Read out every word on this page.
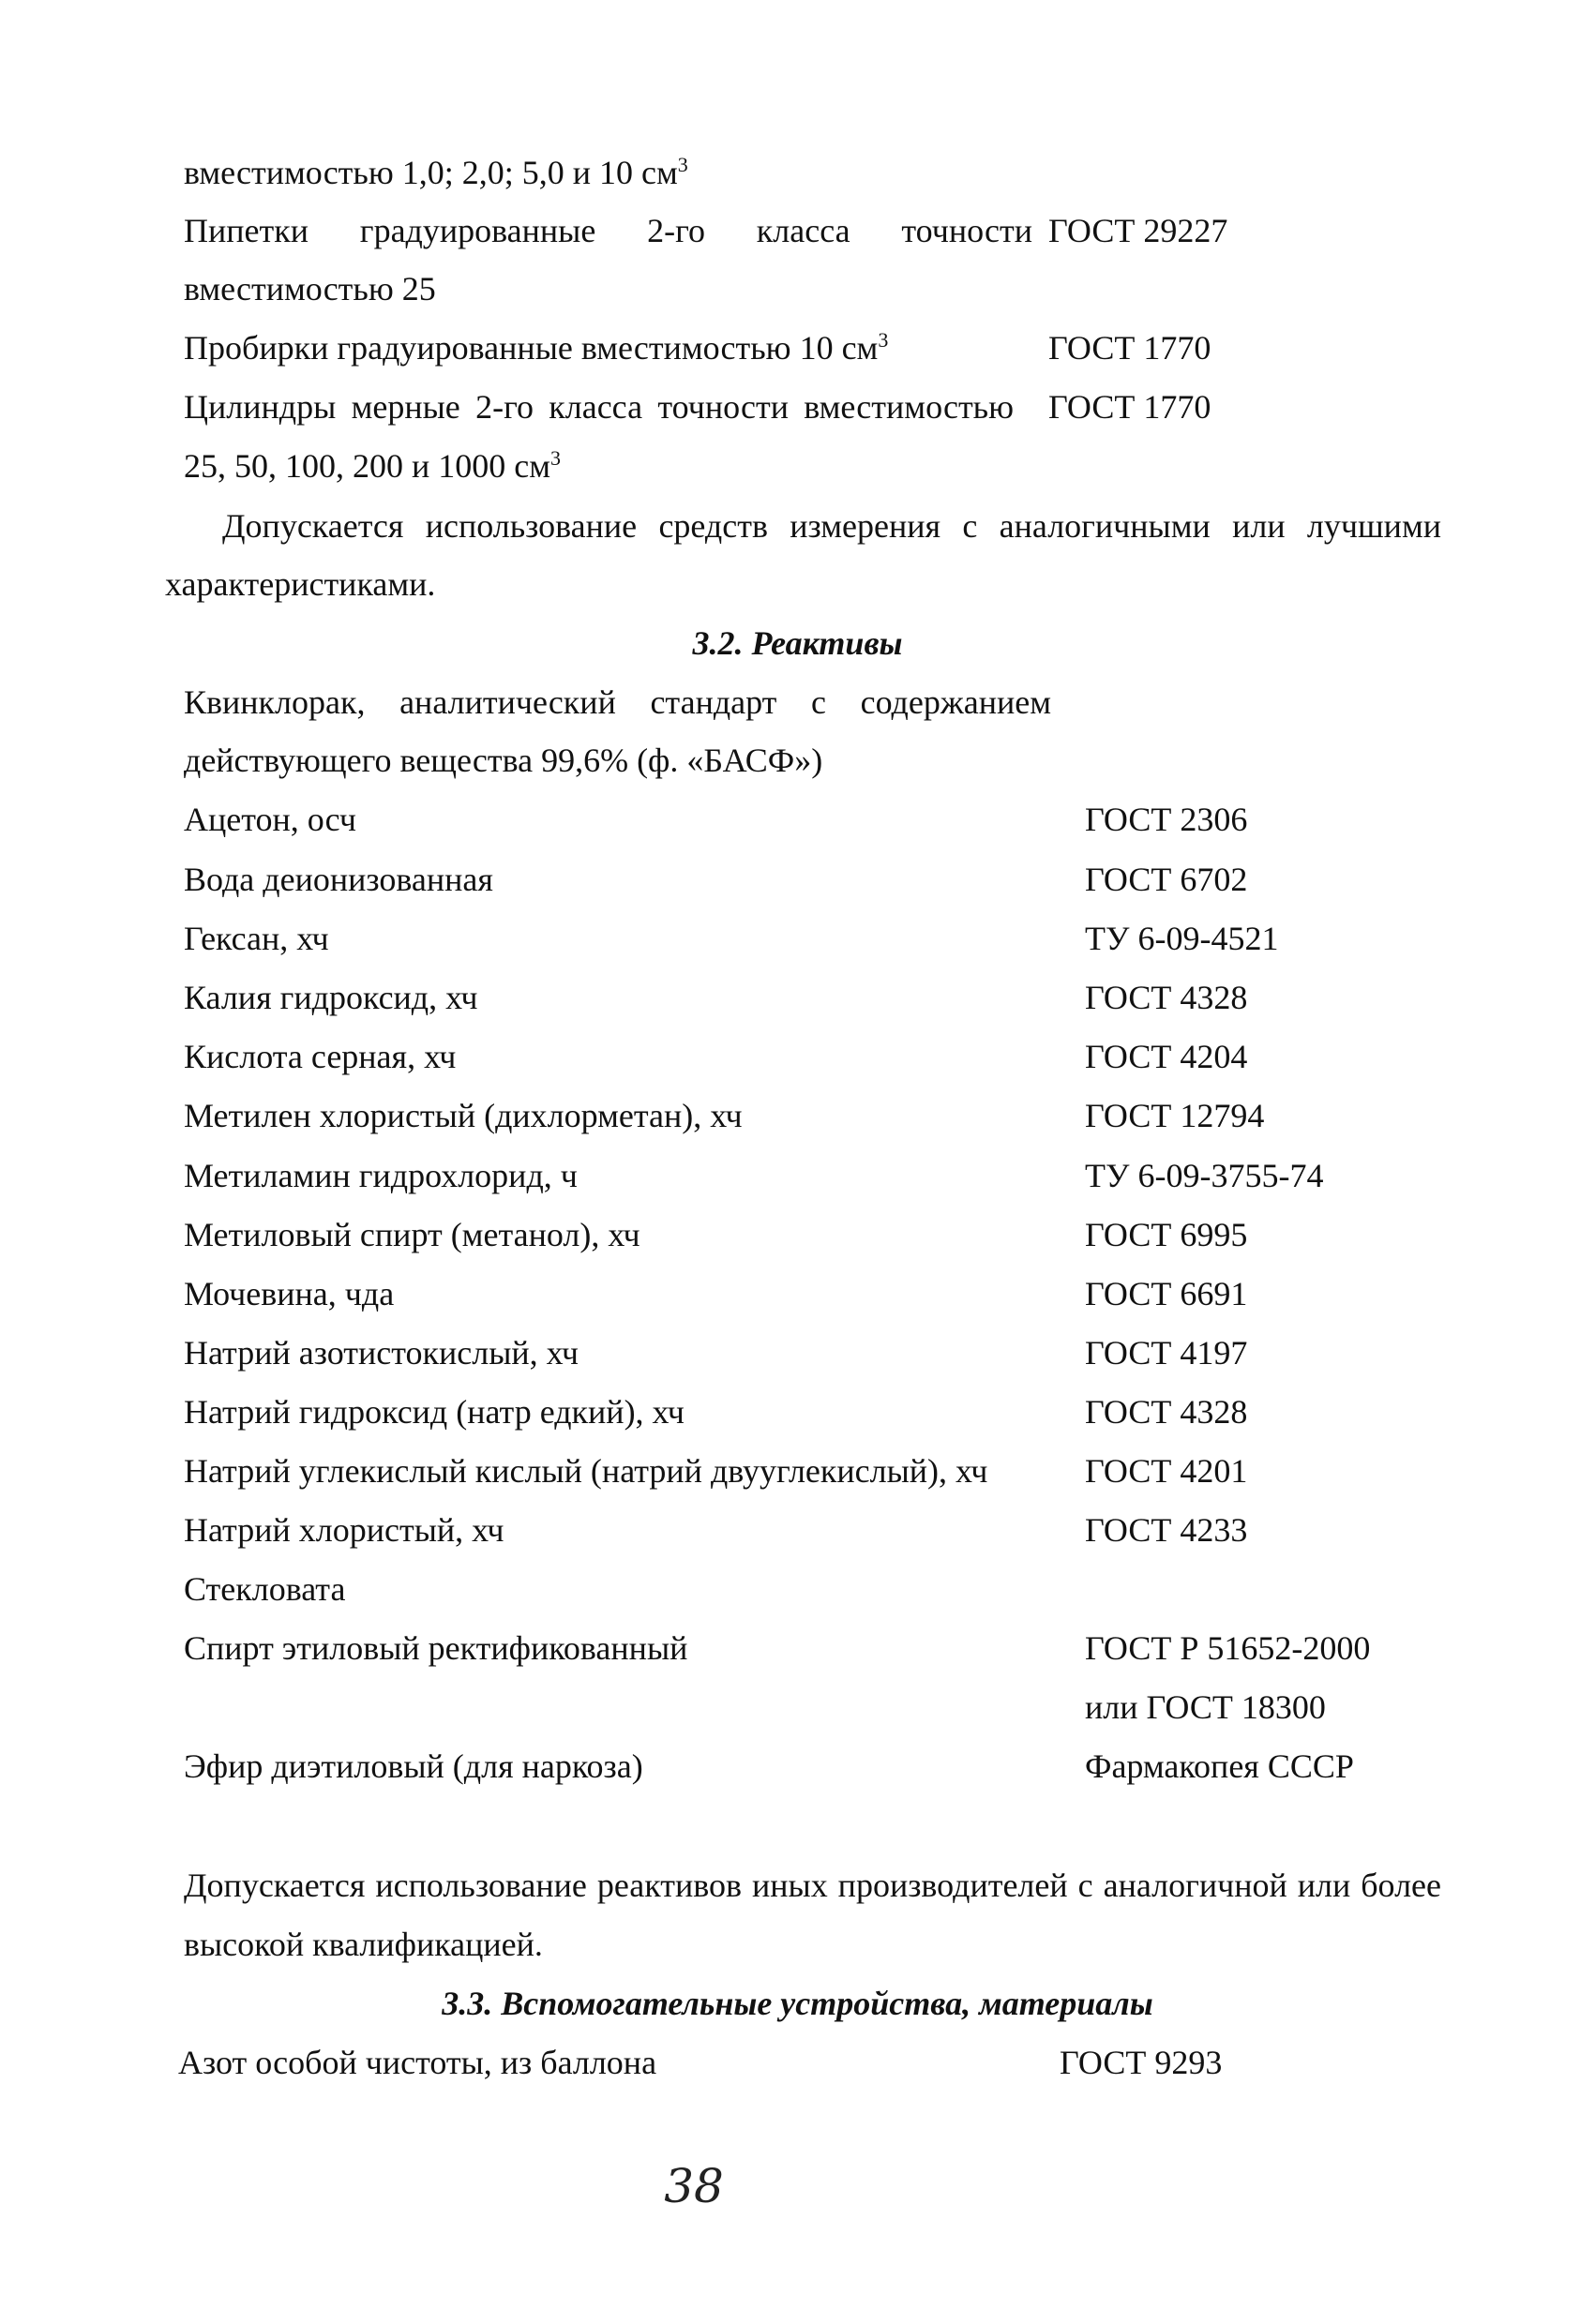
вместимостью 1,0; 2,0; 5,0 и 10 $см^3$
Пипетки градуированные 2-го класса точности ГОСТ 29227
вместимостью 25
Пробирки градуированные вместимостью 10 $см^3$	ГОСТ 1770
Цилиндры мерные 2-го класса точности вместимостью ГОСТ 1770
25, 50, 100, 200 и 1000 $см^3$
Допускается использование средств измерения с аналогичными или лучшими
характеристиками.
3.2. Реактивы
Квинклорак, аналитический стандарт с содержанием
действующего вещества 99,6% (ф. «БАСФ»)
Ацетон, осч	ГОСТ 2306
Вода деионизованная	ГОСТ 6702
Гексан, хч	ТУ 6-09-4521
Калия гидроксид, хч	ГОСТ 4328
Кислота серная, хч	ГОСТ 4204
Метилен хлористый (дихлорметан), хч	ГОСТ 12794
Метиламин гидрохлорид, ч	ТУ 6-09-3755-74
Метиловый спирт (метанол), хч	ГОСТ 6995
Мочевина, чда	ГОСТ 6691
Натрий азотистокислый, хч	ГОСТ 4197
Натрий гидроксид (натр едкий), хч	ГОСТ 4328
Натрий углекислый кислый (натрий двууглекислый), хч	ГОСТ 4201
Натрий хлористый, хч	ГОСТ 4233
Стекловата
Спирт этиловый ректификованный	ГОСТ Р 51652-2000
или ГОСТ 18300
Эфир диэтиловый (для наркоза)	Фармакопея СССР
Допускается использование реактивов иных производителей с аналогичной или более
высокой квалификацией.
3.3. Вспомогательные устройства, материалы
Азот особой чистоты, из баллона	ГОСТ 9293
38
